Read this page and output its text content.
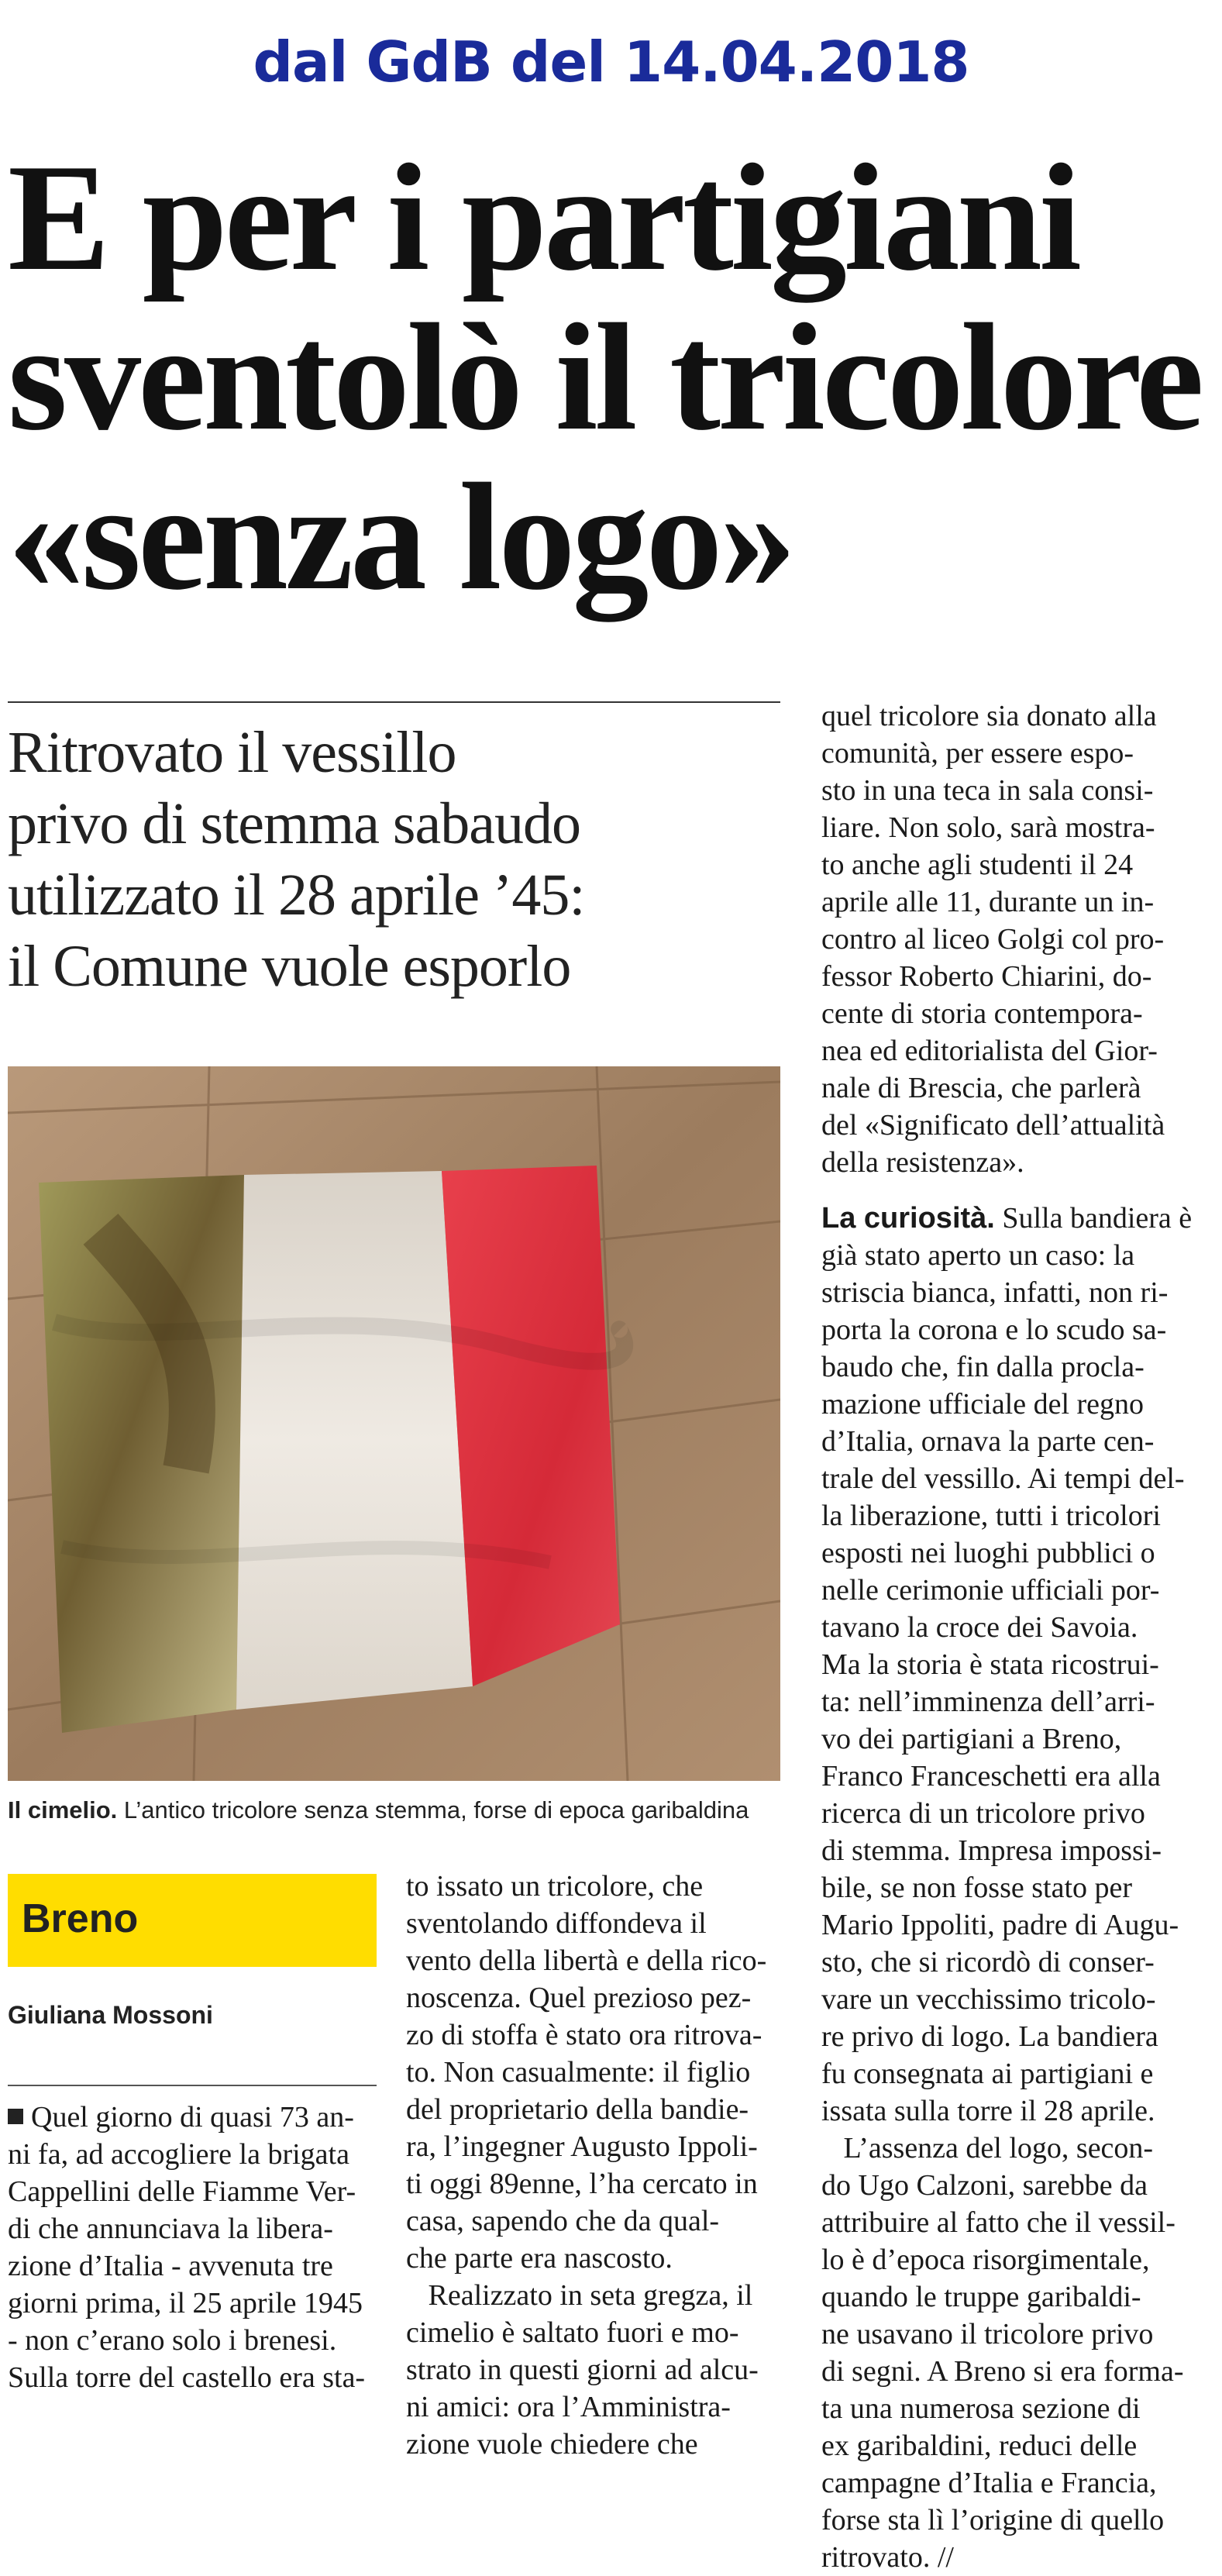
dal GdB del 14.04.2018
E per i partigiani
sventolò il tricolore
«senza logo»
Ritrovato il vessillo
privo di stemma sabaudo
utilizzato il 28 aprile ’45:
il Comune vuole esporlo
Il cimelio. L’antico tricolore senza stemma, forse di epoca garibaldina
Breno
Giuliana Mossoni
Quel giorno di quasi 73 an-
ni fa, ad accogliere la brigata
Cappellini delle Fiamme Ver-
di che annunciava la libera-
zione d’Italia - avvenuta tre
giorni prima, il 25 aprile 1945
- non c’erano solo i brenesi.
Sulla torre del castello era sta-
to issato un tricolore, che
sventolando diffondeva il
vento della libertà e della rico-
noscenza. Quel prezioso pez-
zo di stoffa è stato ora ritrova-
to. Non casualmente: il figlio
del proprietario della bandie-
ra, l’ingegner Augusto Ippoli-
ti oggi 89enne, l’ha cercato in
casa, sapendo che da qual-
che parte era nascosto.
Realizzato in seta gregza, il
cimelio è saltato fuori e mo-
strato in questi giorni ad alcu-
ni amici: ora l’Amministra-
zione vuole chiedere che
quel tricolore sia donato alla
comunità, per essere espo-
sto in una teca in sala consi-
liare. Non solo, sarà mostra-
to anche agli studenti il 24
aprile alle 11, durante un in-
contro al liceo Golgi col pro-
fessor Roberto Chiarini, do-
cente di storia contempora-
nea ed editorialista del Gior-
nale di Brescia, che parlerà
del «Significato dell’attualità
della resistenza».
La curiosità. Sulla bandiera è
già stato aperto un caso: la
striscia bianca, infatti, non ri-
porta la corona e lo scudo sa-
baudo che, fin dalla procla-
mazione ufficiale del regno
d’Italia, ornava la parte cen-
trale del vessillo. Ai tempi del-
la liberazione, tutti i tricolori
esposti nei luoghi pubblici o
nelle cerimonie ufficiali por-
tavano la croce dei Savoia.
Ma la storia è stata ricostrui-
ta: nell’imminenza dell’arri-
vo dei partigiani a Breno,
Franco Franceschetti era alla
ricerca di un tricolore privo
di stemma. Impresa impossi-
bile, se non fosse stato per
Mario Ippoliti, padre di Augu-
sto, che si ricordò di conser-
vare un vecchissimo tricolo-
re privo di logo. La bandiera
fu consegnata ai partigiani e
issata sulla torre il 28 aprile.
L’assenza del logo, secon-
do Ugo Calzoni, sarebbe da
attribuire al fatto che il vessil-
lo è d’epoca risorgimentale,
quando le truppe garibaldi-
ne usavano il tricolore privo
di segni. A Breno si era forma-
ta una numerosa sezione di
ex garibaldini, reduci delle
campagne d’Italia e Francia,
forse sta lì l’origine di quello
ritrovato. //
